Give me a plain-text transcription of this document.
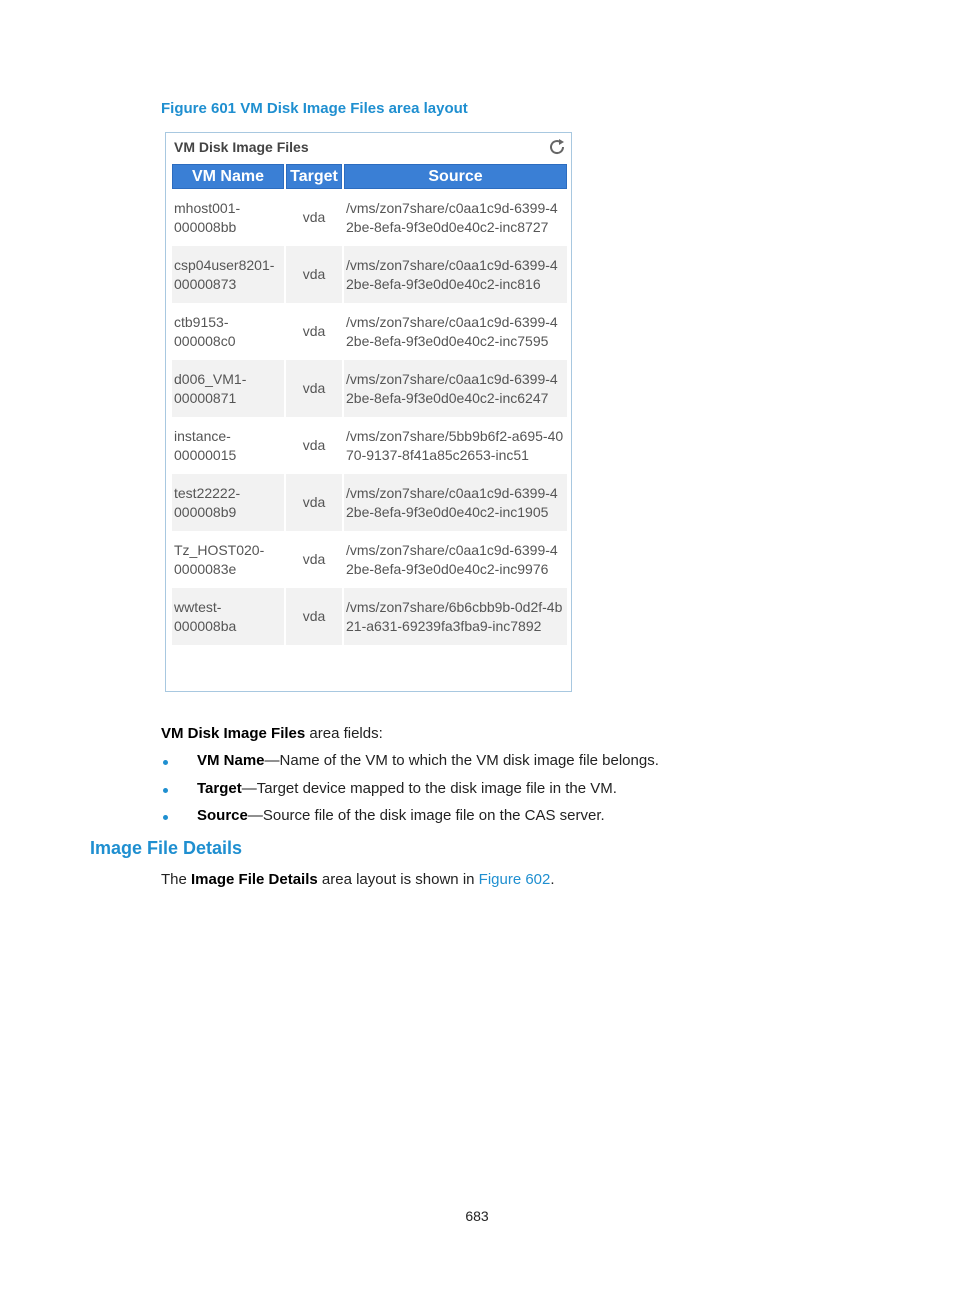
Figure 601 VM Disk Image Files area layout
VM Disk Image Files
VM Name	Target	Source
mhost001-000008bb	vda	/vms/zon7share/c0aa1c9d-6399-42be-8efa-9f3e0d0e40c2-inc8727
csp04user8201-00000873	vda	/vms/zon7share/c0aa1c9d-6399-42be-8efa-9f3e0d0e40c2-inc816
ctb9153-000008c0	vda	/vms/zon7share/c0aa1c9d-6399-42be-8efa-9f3e0d0e40c2-inc7595
d006_VM1-00000871	vda	/vms/zon7share/c0aa1c9d-6399-42be-8efa-9f3e0d0e40c2-inc6247
instance-00000015	vda	/vms/zon7share/5bb9b6f2-a695-4070-9137-8f41a85c2653-inc51
test22222-000008b9	vda	/vms/zon7share/c0aa1c9d-6399-42be-8efa-9f3e0d0e40c2-inc1905
Tz_HOST020-0000083e	vda	/vms/zon7share/c0aa1c9d-6399-42be-8efa-9f3e0d0e40c2-inc9976
wwtest-000008ba	vda	/vms/zon7share/6b6cbb9b-0d2f-4b21-a631-69239fa3fba9-inc7892
VM Disk Image Files area fields:
VM Name—Name of the VM to which the VM disk image file belongs.
Target—Target device mapped to the disk image file in the VM.
Source—Source file of the disk image file on the CAS server.
Image File Details
The Image File Details area layout is shown in Figure 602.
683
